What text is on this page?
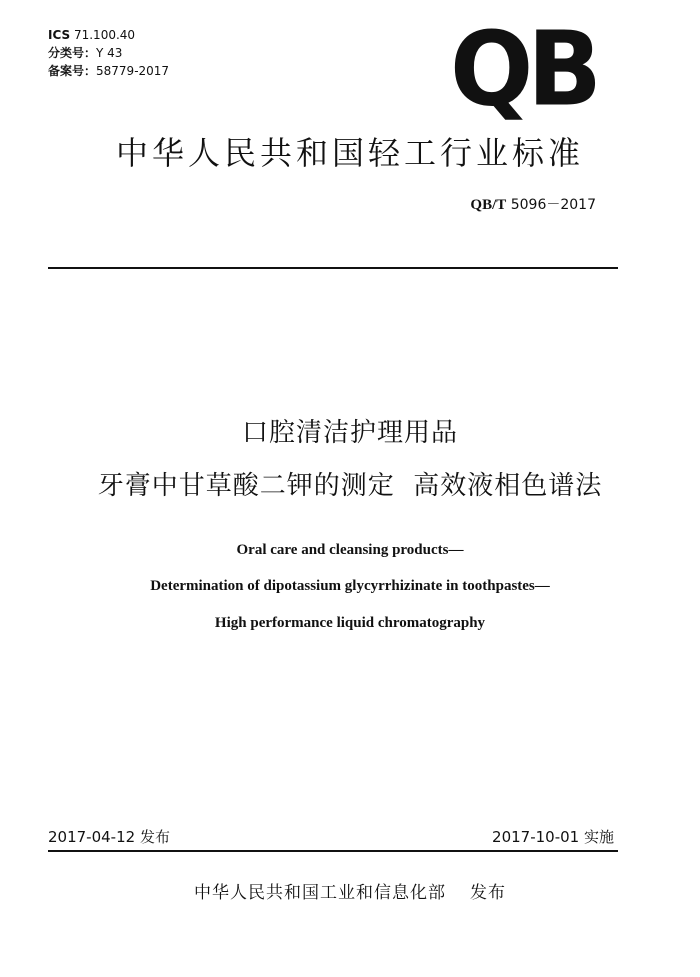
ICS 71.100.40
分类号：Y 43
备案号：58779-2017	QB
中华人民共和国轻工行业标准
QB/T 5096－2017
口腔清洁护理用品
牙膏中甘草酸二钾的测定  高效液相色谱法
Oral care and cleansing products—
Determination of dipotassium glycyrrhizinate in toothpastes—
High performance liquid chromatography
2017-04-12 发布	2017-10-01 实施
中华人民共和国工业和信息化部 发布
